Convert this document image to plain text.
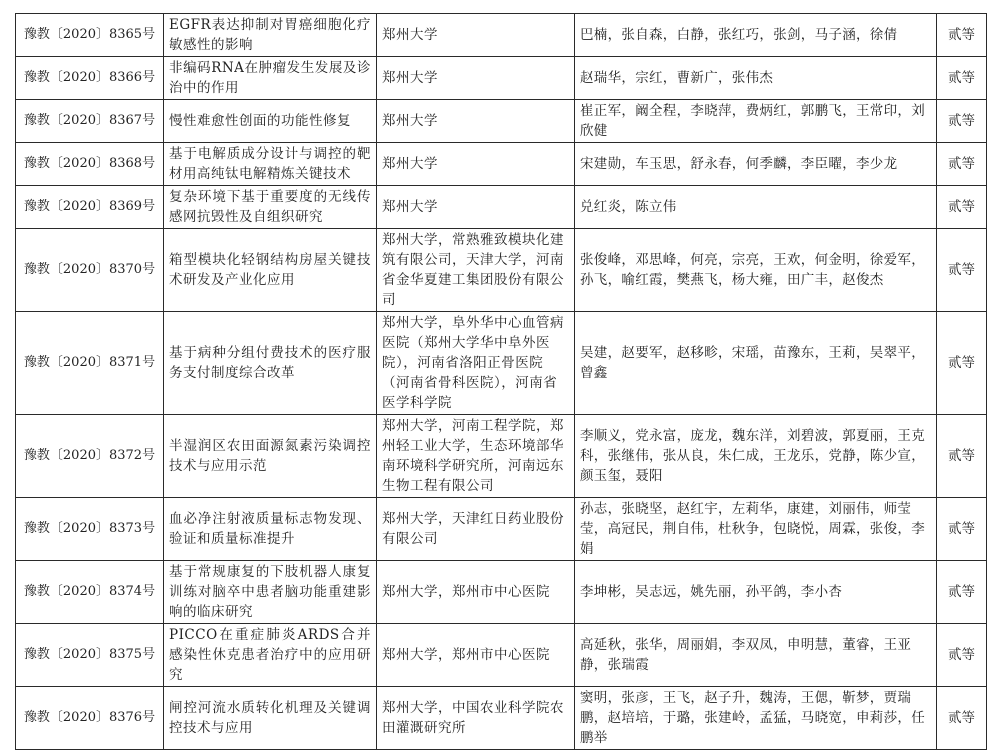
豫教〔2020〕8365号	EGFR表达抑制对胃癌细胞化疗敏感性的影响	郑州大学	巴楠，张自森，白静，张红巧，张剑，马子涵，徐倩	贰等
豫教〔2020〕8366号	非编码RNA在肿瘤发生发展及诊治中的作用	郑州大学	赵瑞华，宗红，曹新广，张伟杰	贰等
豫教〔2020〕8367号	慢性难愈性创面的功能性修复	郑州大学	崔正军，阚全程，李晓萍，费炳红，郭鹏飞，王常印，刘欣健	贰等
豫教〔2020〕8368号	基于电解质成分设计与调控的靶材用高纯钛电解精炼关键技术	郑州大学	宋建勋，车玉思，舒永春，何季麟，李臣曜，李少龙	贰等
豫教〔2020〕8369号	复杂环境下基于重要度的无线传感网抗毁性及自组织研究	郑州大学	兑红炎，陈立伟	贰等
豫教〔2020〕8370号	箱型模块化轻钢结构房屋关键技术研发及产业化应用	郑州大学，常熟雅致模块化建筑有限公司，天津大学，河南省金华夏建工集团股份有限公司	张俊峰，邓思峰，何亮，宗亮，王欢，何金明，徐爱军，孙飞，喻红霞，樊燕飞，杨大雍，田广丰，赵俊杰	贰等
豫教〔2020〕8371号	基于病种分组付费技术的医疗服务支付制度综合改革	郑州大学，阜外华中心血管病医院（郑州大学华中阜外医院），河南省洛阳正骨医院（河南省骨科医院），河南省医学科学院	吴建，赵要军，赵移畛，宋瑶，苗豫东，王莉，吴翠平，曾鑫	贰等
豫教〔2020〕8372号	半湿润区农田面源氮素污染调控技术与应用示范	郑州大学，河南工程学院，郑州轻工业大学，生态环境部华南环境科学研究所，河南远东生物工程有限公司	李顺义，党永富，庞龙，魏东洋，刘碧波，郭夏丽，王克科，张继伟，张从良，朱仁成，王龙乐，党静，陈少宣，颜玉玺，聂阳	贰等
豫教〔2020〕8373号	血必净注射液质量标志物发现、验证和质量标准提升	郑州大学，天津红日药业股份有限公司	孙志，张晓坚，赵红宇，左莉华，康建，刘丽伟，师莹莹，高冠民，荆自伟，杜秋争，包晓悦，周霖，张俊，李娟	贰等
豫教〔2020〕8374号	基于常规康复的下肢机器人康复训练对脑卒中患者脑功能重建影响的临床研究	郑州大学，郑州市中心医院	李坤彬，吴志远，姚先丽，孙平鸽，李小杏	贰等
豫教〔2020〕8375号	PICCO在重症肺炎ARDS合并感染性休克患者治疗中的应用研究	郑州大学，郑州市中心医院	高延秋，张华，周丽娟，李双凤，申明慧，董睿，王亚静，张瑞霞	贰等
豫教〔2020〕8376号	闸控河流水质转化机理及关键调控技术与应用	郑州大学，中国农业科学院农田灌溉研究所	窦明，张彦，王飞，赵子升，魏涛，王偲，靳梦，贾瑞鹏，赵培培，于璐，张建岭，孟猛，马晓宽，申莉莎，任鹏举	贰等
